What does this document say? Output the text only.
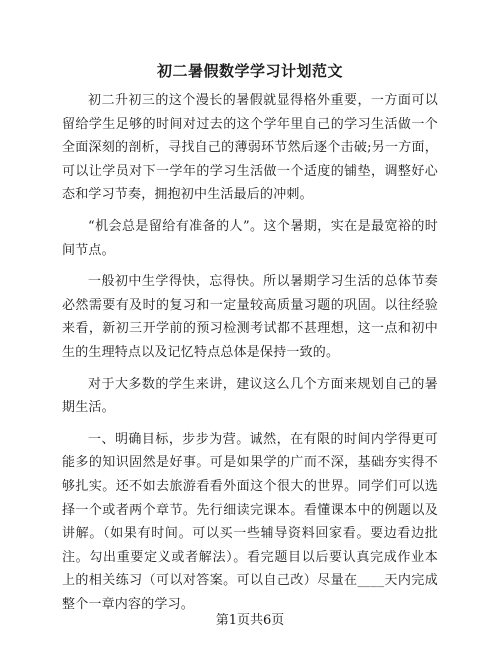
初二暑假数学学习计划范文

初二升初三的这个漫长的暑假就显得格外重要，一方面可以留给学生足够的时间对过去的这个学年里自己的学习生活做一个全面深刻的剖析，寻找自己的薄弱环节然后逐个击破;另一方面，可以让学员对下一学年的学习生活做一个适度的铺垫，调整好心态和学习节奏，拥抱初中生活最后的冲刺。

“机会总是留给有准备的人”。这个暑期，实在是最宽裕的时间节点。

一般初中生学得快，忘得快。所以暑期学习生活的总体节奏必然需要有及时的复习和一定量较高质量习题的巩固。以往经验来看，新初三开学前的预习检测考试都不甚理想，这一点和初中生的生理特点以及记忆特点总体是保持一致的。

对于大多数的学生来讲，建议这么几个方面来规划自己的暑期生活。

一、明确目标，步步为营。诚然，在有限的时间内学得更可能多的知识固然是好事。可是如果学的广而不深，基础夯实得不够扎实。还不如去旅游看看外面这个很大的世界。同学们可以选择一个或者两个章节。先行细读完课本。看懂课本中的例题以及讲解。（如果有时间。可以买一些辅导资料回家看。要边看边批注。勾出重要定义或者解法）。看完题目以后要认真完成作业本上的相关练习（可以对答案。可以自己改）尽量在____天内完成整个一章内容的学习。

第1页共6页
